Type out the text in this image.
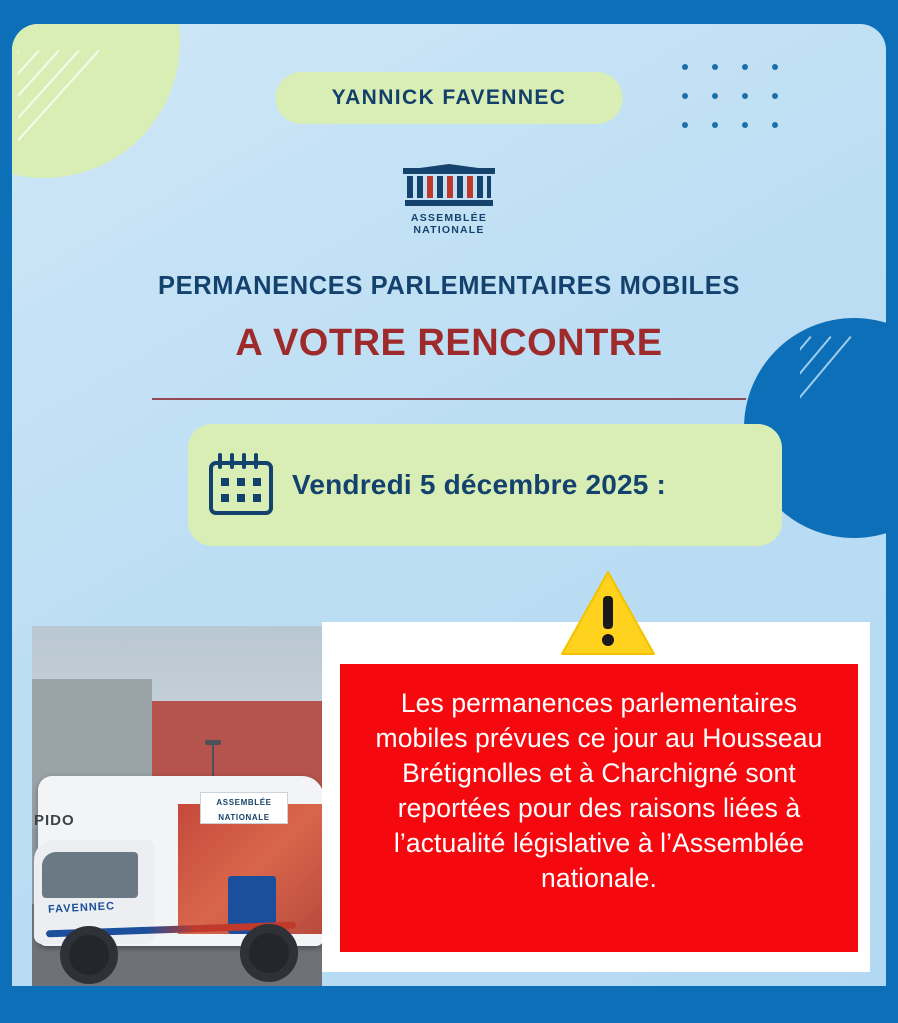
YANNICK FAVENNEC
ASSEMBLÉE
NATIONALE
PERMANENCES PARLEMENTAIRES MOBILES
A VOTRE RENCONTRE
Vendredi 5 décembre 2025 :
ASSEMBLÉE
NATIONALE
FAVENNEC
PIDO
Les permanences parlementaires mobiles prévues ce jour au Housseau Brétignolles et à Charchigné sont reportées pour des raisons liées à l’actualité législative à l’Assemblée nationale.
